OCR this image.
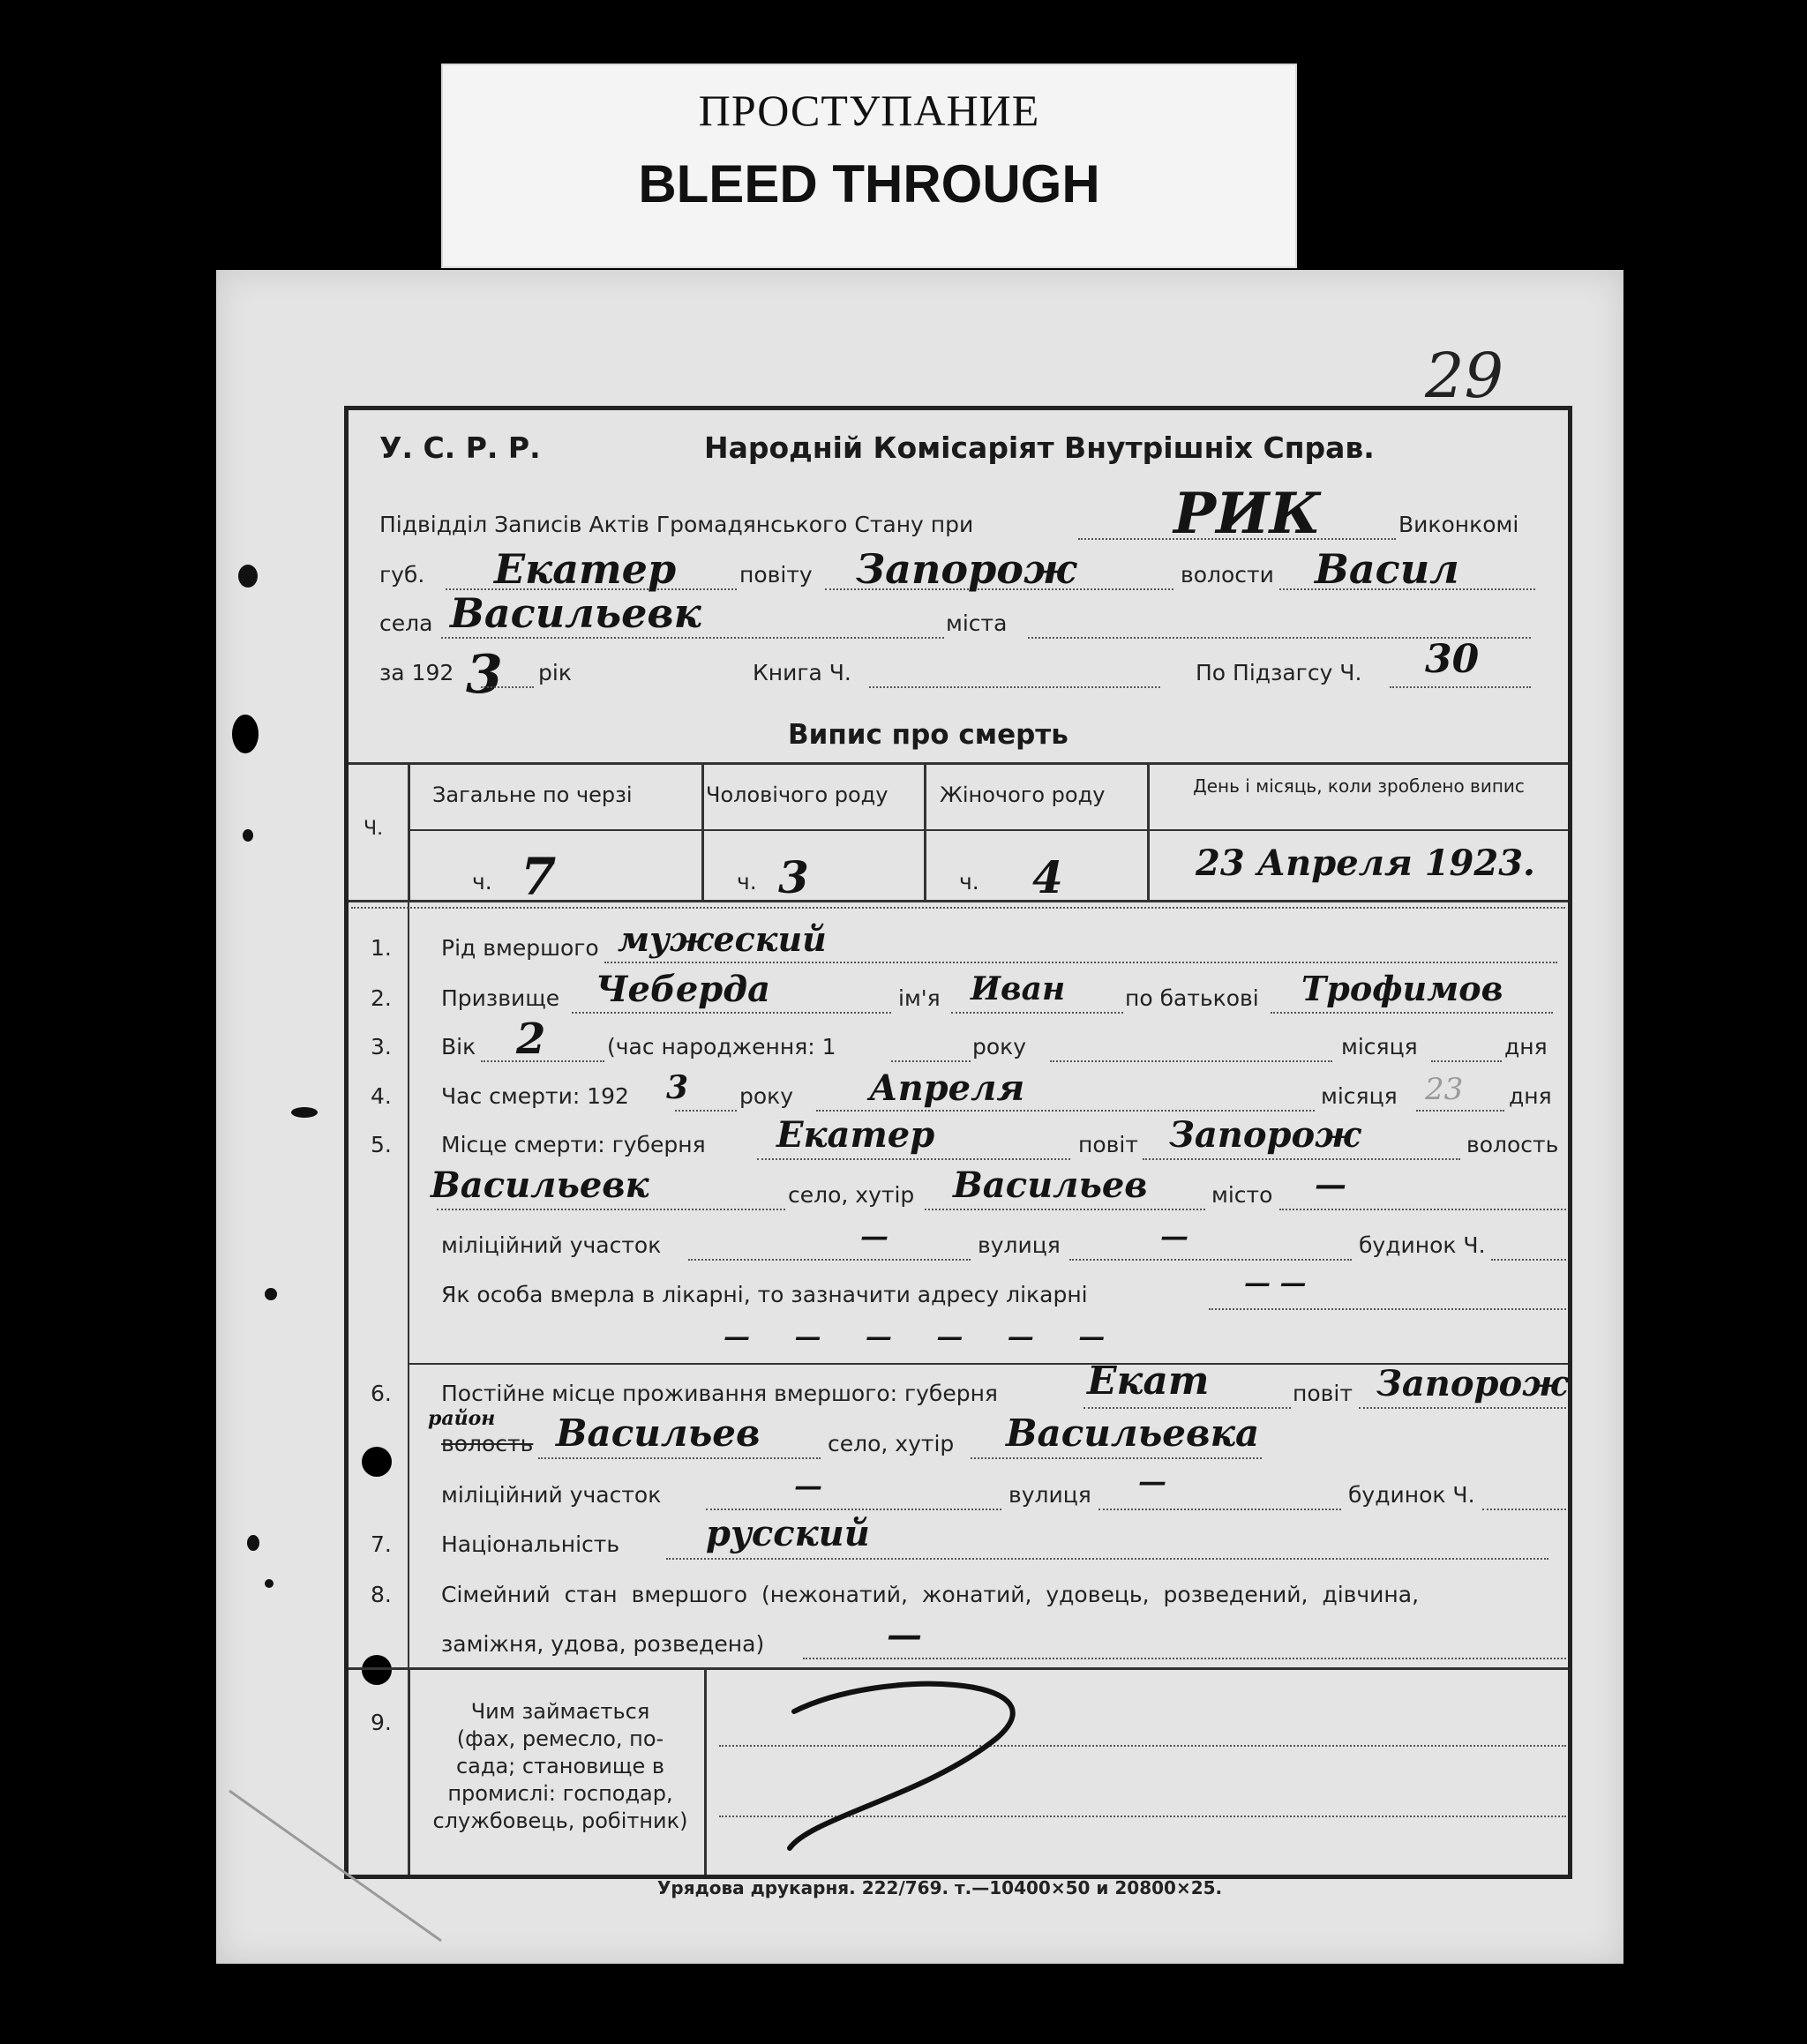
ПРОСТУПАНИЕ
BLEED THROUGH
29
У. С. Р. Р.	Народній Комісаріят Внутрішніх Справ.
Підвідділ Записів Актів Громадянського Стану при	РИК	Виконкомі
губ. Екатер	повіту Запорож	волости Васил
села Васильевк	міста
за 192 3 рік	Книга Ч.	По Підзагсу Ч. 30
Випис про смерть
Ч.
Загальне по черзі	Чоловічого роду Жіночого роду	День і місяць, коли зроблено випис
ч. 7	ч. 3	ч. 4	23 Апреля 1923.
1. Рід вмершого мужеский
2. Призвище Чеберда	ім'я Иван	по батькові Трофимов
3. Вік 2	(час народження: 1	року	місяця	дня
4. Час смерти: 192 3 року Апреля	місяця 23 дня
5. Місце смерти: губерня Екатер	повіт Запорож	волость
Васильевк	село, хутір Васильев	місто —
міліційний участок	—	вулиця	—	будинок Ч.
Як особа вмерла в лікарні, то зазначити адресу лікарні	— —
— — — — — —
6. Постійне місце проживання вмершого: губерня Екат	повіт Запорож
район
волость Васильев	село, хутір Васильевка
міліційний участок	—	вулиця —	будинок Ч.
7. Національність русский
8. Сімейний стан вмершого (нежонатий, жонатий, удовець, розведений, дівчина,
заміжня, удова, розведена)	—
9.	Чим займається
(фах, ремесло, по-
сада; становище в
промислі: господар,
службовець, робітник)
Урядова друкарня. 222/769. т.—10400×50 и 20800×25.
